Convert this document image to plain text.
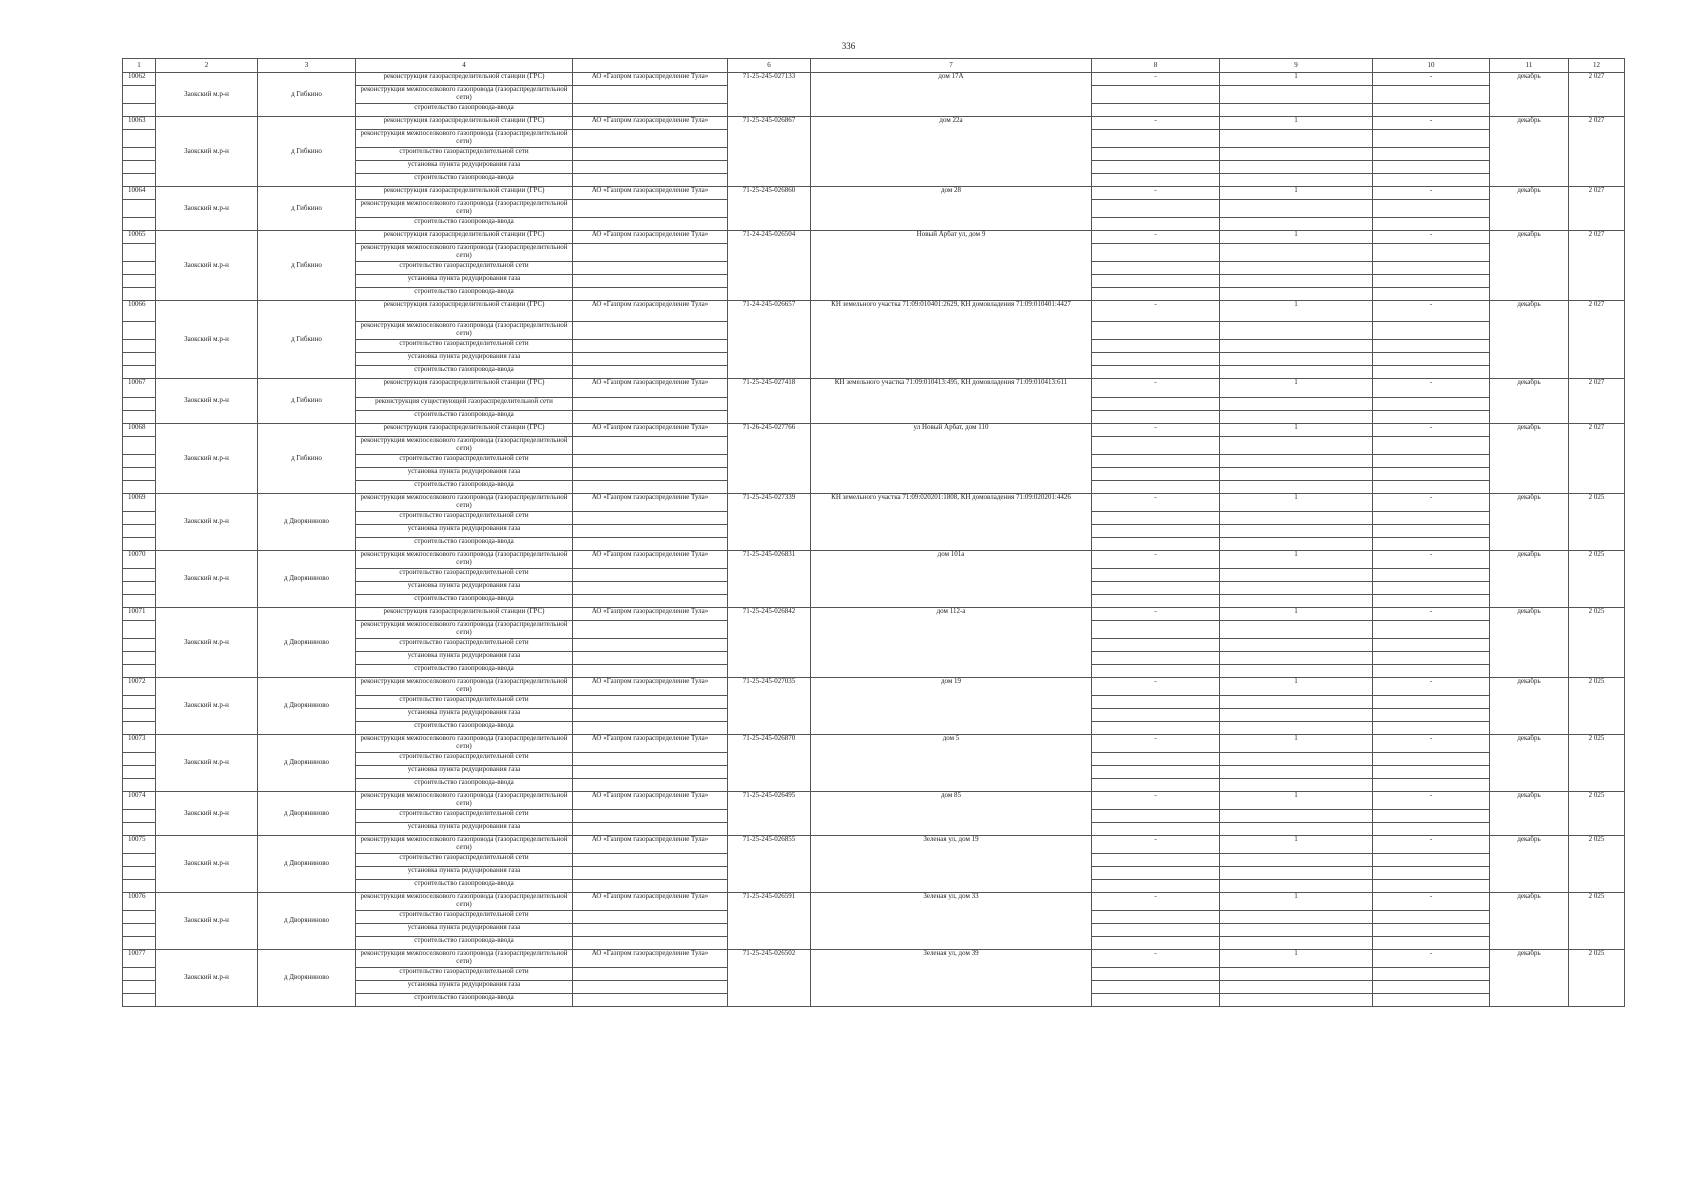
336
1	2	3	4		6	7	8	9	10	11	12
10062	Заокский м.р-н	д Гибкино	реконструкция газораспределительной станции (ГРС)	АО «Газпром газораспределение Тула»	71-25-245-027133	дом 17А	-	1	-	декабрь	2 027
			реконструкция межпоселкового газопровода (газораспределительной сети)								
			строительство газопровода-ввода								
10063	Заокский м.р-н	д Гибкино	реконструкция газораспределительной станции (ГРС)	АО «Газпром газораспределение Тула»	71-25-245-026867	дом 22а	-	1	-	декабрь	2 027
			реконструкция межпоселкового газопровода (газораспределительной сети)								
			строительство газораспределительной сети								
			установка пункта редуцирования газа								
			строительство газопровода-ввода								
10064	Заокский м.р-н	д Гибкино	реконструкция газораспределительной станции (ГРС)	АО «Газпром газораспределение Тула»	71-25-245-026860	дом 28	-	1	-	декабрь	2 027
			реконструкция межпоселкового газопровода (газораспределительной сети)								
			строительство газопровода-ввода								
10065	Заокский м.р-н	д Гибкино	реконструкция газораспределительной станции (ГРС)	АО «Газпром газораспределение Тула»	71-24-245-026504	Новый Арбат ул, дом 9	-	1	-	декабрь	2 027
			реконструкция межпоселкового газопровода (газораспределительной сети)								
			строительство газораспределительной сети								
			установка пункта редуцирования газа								
			строительство газопровода-ввода								
10066	Заокский м.р-н	д Гибкино	реконструкция газораспределительной станции (ГРС)	АО «Газпром газораспределение Тула»	71-24-245-026657	КН земельного участка 71:09:010401:2629, КН домовладения 71:09:010401:4427	-	1	-	декабрь	2 027
			реконструкция межпоселкового газопровода (газораспределительной сети)								
			строительство газораспределительной сети								
			установка пункта редуцирования газа								
			строительство газопровода-ввода								
10067	Заокский м.р-н	д Гибкино	реконструкция газораспределительной станции (ГРС)	АО «Газпром газораспределение Тула»	71-25-245-027418	КН земельного участка 71:09:010413:495, КН домовладения 71:09:010413:611	-	1	-	декабрь	2 027
			реконструкция существующей газораспределительной сети								
			строительство газопровода-ввода								
10068	Заокский м.р-н	д Гибкино	реконструкция газораспределительной станции (ГРС)	АО «Газпром газораспределение Тула»	71-26-245-027766	ул Новый Арбат, дом 110	-	1	-	декабрь	2 027
			реконструкция межпоселкового газопровода (газораспределительной сети)								
			строительство газораспределительной сети								
			установка пункта редуцирования газа								
			строительство газопровода-ввода								
10069	Заокский м.р-н	д Дворяниново	реконструкция межпоселкового газопровода (газораспределительной сети)	АО «Газпром газораспределение Тула»	71-25-245-027339	КН земельного участка 71:09:020201:1808, КН домовладения 71:09:020201:4426	-	1	-	декабрь	2 025
			строительство газораспределительной сети								
			установка пункта редуцирования газа								
			строительство газопровода-ввода								
10070	Заокский м.р-н	д Дворяниново	реконструкция межпоселкового газопровода (газораспределительной сети)	АО «Газпром газораспределение Тула»	71-25-245-026831	дом 101а	-	1	-	декабрь	2 025
			строительство газораспределительной сети								
			установка пункта редуцирования газа								
			строительство газопровода-ввода								
10071	Заокский м.р-н	д Дворяниново	реконструкция газораспределительной станции (ГРС)	АО «Газпром газораспределение Тула»	71-25-245-026842	дом 112-а	-	1	-	декабрь	2 025
			реконструкция межпоселкового газопровода (газораспределительной сети)								
			строительство газораспределительной сети								
			установка пункта редуцирования газа								
			строительство газопровода-ввода								
10072	Заокский м.р-н	д Дворяниново	реконструкция межпоселкового газопровода (газораспределительной сети)	АО «Газпром газораспределение Тула»	71-25-245-027035	дом 19	-	1	-	декабрь	2 025
			строительство газораспределительной сети								
			установка пункта редуцирования газа								
			строительство газопровода-ввода								
10073	Заокский м.р-н	д Дворяниново	реконструкция межпоселкового газопровода (газораспределительной сети)	АО «Газпром газораспределение Тула»	71-25-245-026870	дом 5	-	1	-	декабрь	2 025
			строительство газораспределительной сети								
			установка пункта редуцирования газа								
			строительство газопровода-ввода								
10074	Заокский м.р-н	д Дворяниново	реконструкция межпоселкового газопровода (газораспределительной сети)	АО «Газпром газораспределение Тула»	71-25-245-026495	дом 85	-	1	-	декабрь	2 025
			строительство газораспределительной сети								
			установка пункта редуцирования газа								
10075	Заокский м.р-н	д Дворяниново	реконструкция межпоселкового газопровода (газораспределительной сети)	АО «Газпром газораспределение Тула»	71-25-245-026855	Зеленая ул, дом 19	-	1	-	декабрь	2 025
			строительство газораспределительной сети								
			установка пункта редуцирования газа								
			строительство газопровода-ввода								
10076	Заокский м.р-н	д Дворяниново	реконструкция межпоселкового газопровода (газораспределительной сети)	АО «Газпром газораспределение Тула»	71-25-245-026591	Зеленая ул, дом 33	-	1	-	декабрь	2 025
			строительство газораспределительной сети								
			установка пункта редуцирования газа								
			строительство газопровода-ввода								
10077	Заокский м.р-н	д Дворяниново	реконструкция межпоселкового газопровода (газораспределительной сети)	АО «Газпром газораспределение Тула»	71-25-245-026502	Зеленая ул, дом 39	-	1	-	декабрь	2 025
			строительство газораспределительной сети								
			установка пункта редуцирования газа								
			строительство газопровода-ввода								
